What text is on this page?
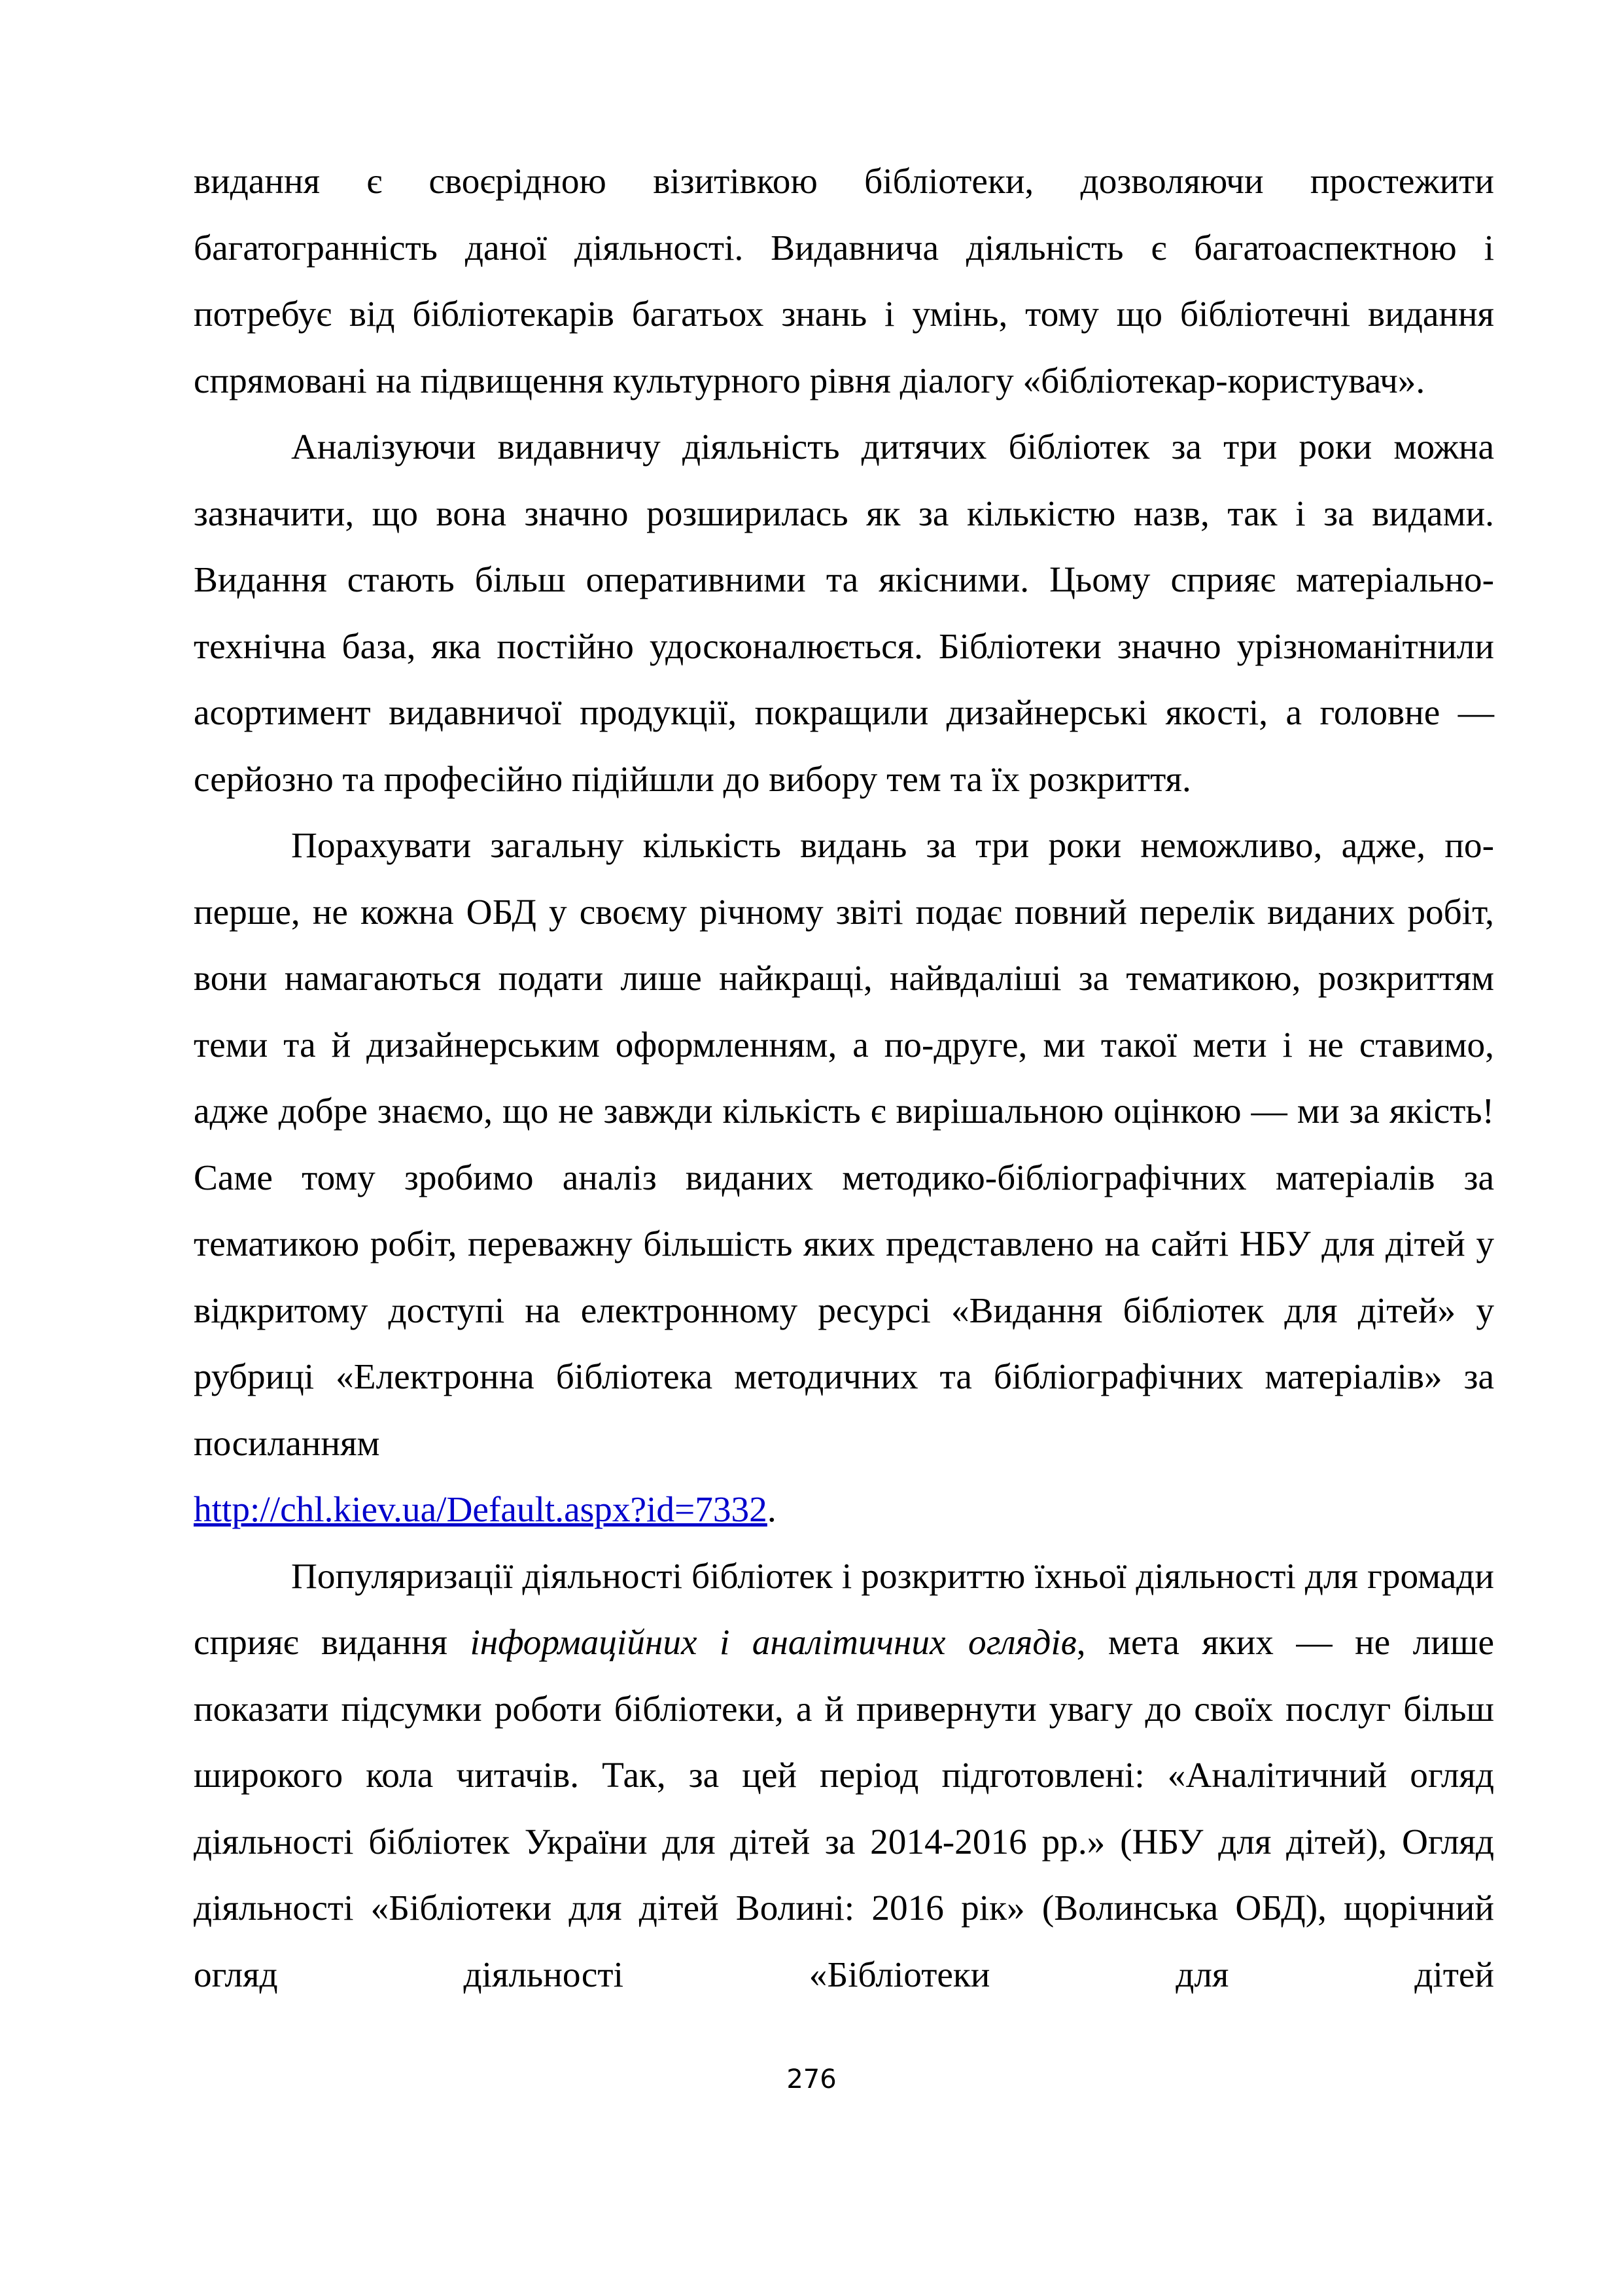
видання є своєрідною візитівкою бібліотеки, дозволяючи простежити багатогранність даної діяльності. Видавнича діяльність є багатоаспектною і потребує від бібліотекарів багатьох знань і умінь, тому що бібліотечні видання спрямовані на підвищення культурного рівня діалогу «бібліотекар-користувач».

Аналізуючи видавничу діяльність дитячих бібліотек за три роки можна зазначити, що вона значно розширилась як за кількістю назв, так і за видами. Видання стають більш оперативними та якісними. Цьому сприяє матеріально-технічна база, яка постійно удосконалюється. Бібліотеки значно урізноманітнили асортимент видавничої продукції, покращили дизайнерські якості, а головне — серйозно та професійно підійшли до вибору тем та їх розкриття.

Порахувати загальну кількість видань за три роки неможливо, адже, по-перше, не кожна ОБД у своєму річному звіті подає повний перелік виданих робіт, вони намагаються подати лише найкращі, найвдаліші за тематикою, розкриттям теми та й дизайнерським оформленням, а по-друге, ми такої мети і не ставимо, адже добре знаємо, що не завжди кількість є вирішальною оцінкою — ми за якість! Саме тому зробимо аналіз виданих методико-бібліографічних матеріалів за тематикою робіт, переважну більшість яких представлено на сайті НБУ для дітей у відкритому доступі на електронному ресурсі «Видання бібліотек для дітей» у рубриці «Електронна бібліотека методичних та бібліографічних матеріалів» за посиланням

http://chl.kiev.ua/Default.aspx?id=7332.

Популяризації діяльності бібліотек і розкриттю їхньої діяльності для громади сприяє видання інформаційних і аналітичних оглядів, мета яких — не лише показати підсумки роботи бібліотеки, а й привернути увагу до своїх послуг більш широкого кола читачів. Так, за цей період підготовлені: «Аналітичний огляд діяльності бібліотек України для дітей за 2014-2016 рр.» (НБУ для дітей), Огляд діяльності «Бібліотеки для дітей Волині: 2016 рік» (Волинська ОБД), щорічний огляд діяльності «Бібліотеки для дітей

276
